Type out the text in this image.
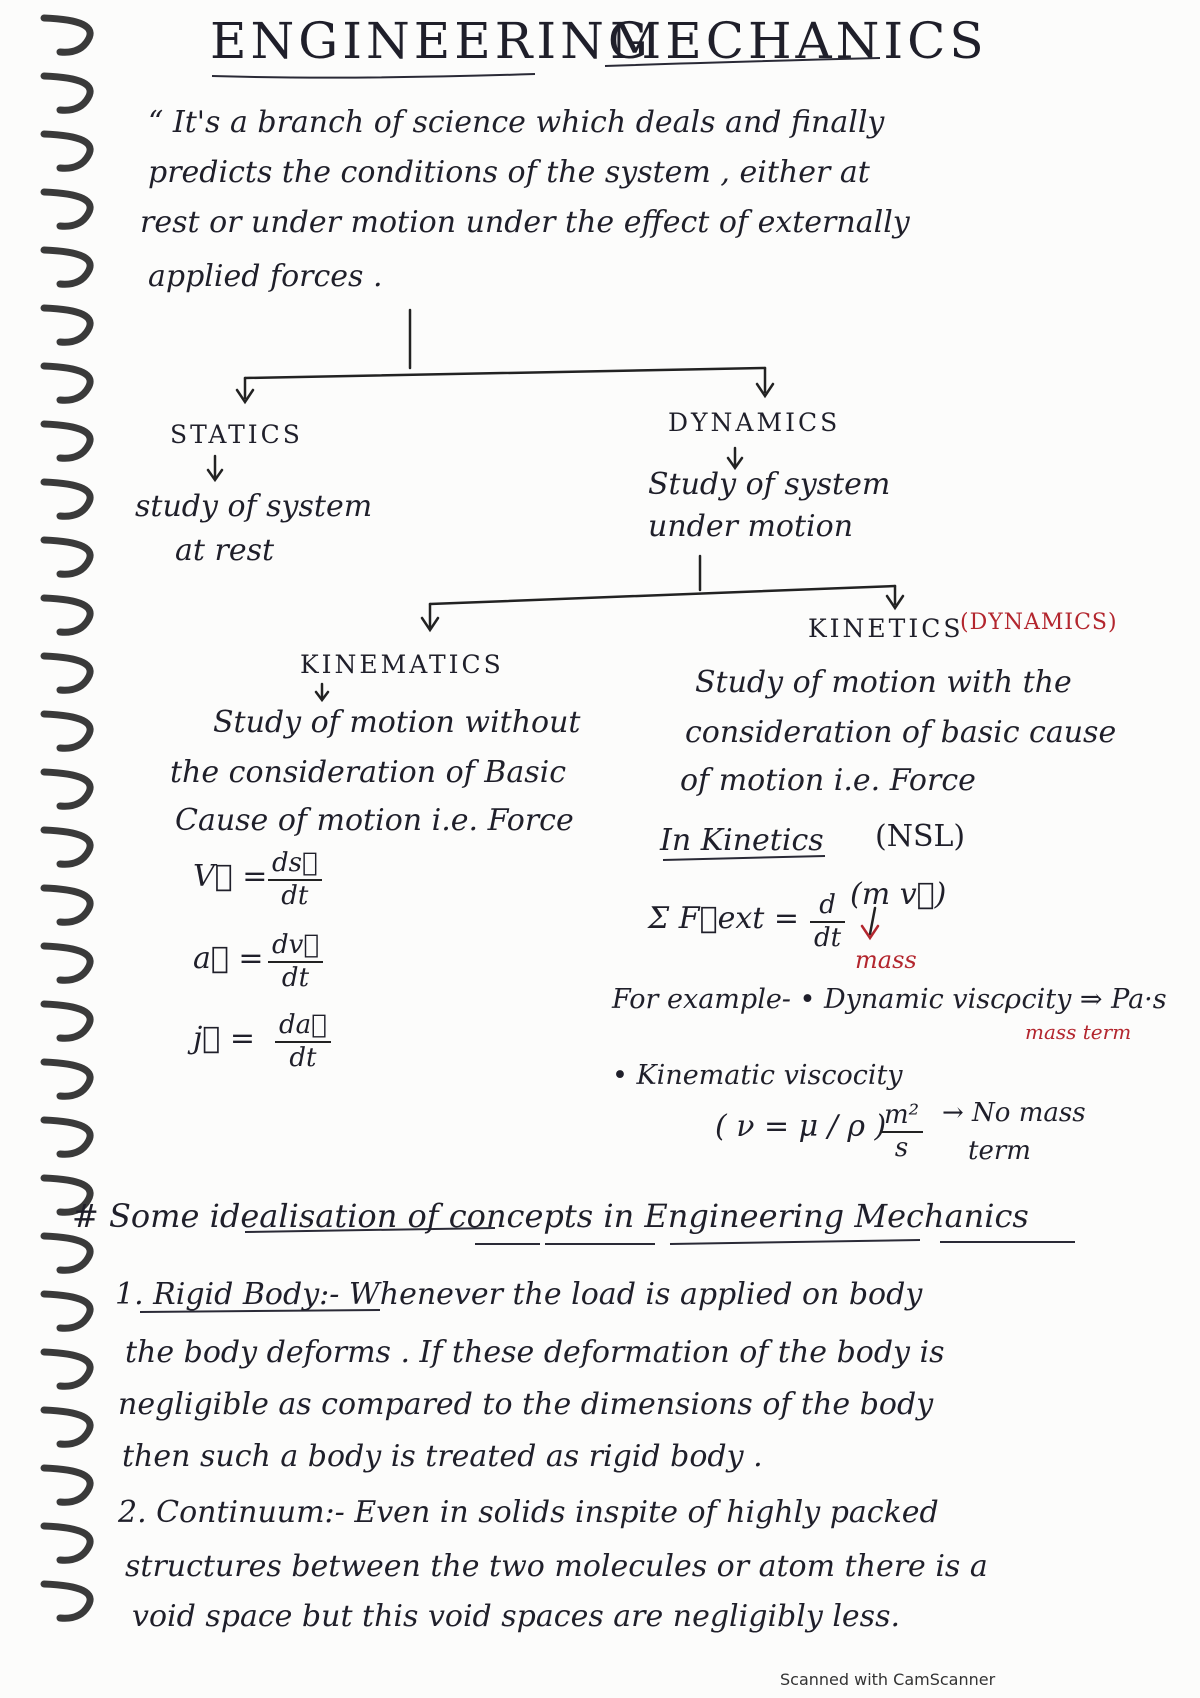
ENGINEERING
MECHANICS
“ It's a branch of science which deals and finally
predicts the conditions of the system , either at
rest or under motion under the effect of externally
applied forces .
STATICS
study of system
at rest
DYNAMICS
Study of system
under motion
KINEMATICS
Study of motion without
the consideration of Basic
Cause of motion i.e. Force
V⃗ = $\frac{ds⃗}{dt}$
a⃗ = $\frac{dv⃗}{dt}$
j⃗ = $\frac{da⃗}{dt}$
KINETICS
(DYNAMICS)
Study of motion with the
consideration of basic cause
of motion i.e. Force
In Kinetics (NSL)
Σ F⃗ext = $\frac{d}{dt} (m$ v⃗)
mass
For example- • Dynamic viscocity ⇒ Pa·s
mass term
• Kinematic viscocity
( ν = μ / ρ )
$\frac{\text{m²}}{s} \to No$ mass
term
# Some idealisation of concepts in Engineering Mechanics
1. Rigid Body:- Whenever the load is applied on body
the body deforms . If these deformation of the body is
negligible as compared to the dimensions of the body
then such a body is treated as rigid body .
2. Continuum:- Even in solids inspite of highly packed
structures between the two molecules or atom there is a
void space but this void spaces are negligibly less.
Scanned with CamScanner
